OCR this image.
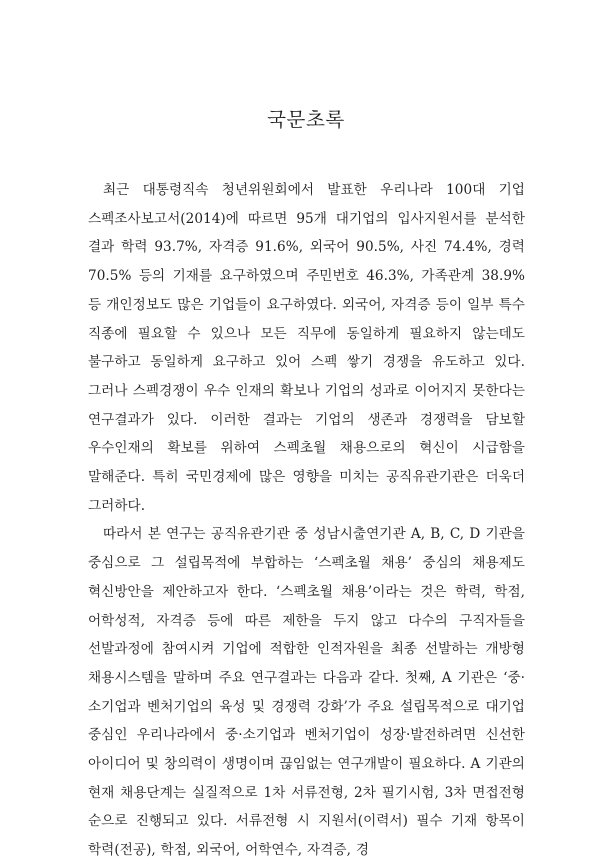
국문초록

최근 대통령직속 청년위원회에서 발표한 우리나라 100대 기업 스펙조사보고서(2014)에 따르면 95개 대기업의 입사지원서를 분석한 결과 학력 93.7%, 자격증 91.6%, 외국어 90.5%, 사진 74.4%, 경력 70.5% 등의 기재를 요구하였으며 주민번호 46.3%, 가족관계 38.9% 등 개인정보도 많은 기업들이 요구하였다. 외국어, 자격증 등이 일부 특수 직종에 필요할 수 있으나 모든 직무에 동일하게 필요하지 않는데도 불구하고 동일하게 요구하고 있어 스펙 쌓기 경쟁을 유도하고 있다. 그러나 스펙경쟁이 우수 인재의 확보나 기업의 성과로 이어지지 못한다는 연구결과가 있다. 이러한 결과는 기업의 생존과 경쟁력을 담보할 우수인재의 확보를 위하여 스펙초월 채용으로의 혁신이 시급함을 말해준다. 특히 국민경제에 많은 영향을 미치는 공직유관기관은 더욱더 그러하다.

따라서 본 연구는 공직유관기관 중 성남시출연기관 A, B, C, D 기관을 중심으로 그 설립목적에 부합하는 ‘스펙초월 채용’ 중심의 채용제도 혁신방안을 제안하고자 한다. ‘스펙초월 채용’이라는 것은 학력, 학점, 어학성적, 자격증 등에 따른 제한을 두지 않고 다수의 구직자들을 선발과정에 참여시켜 기업에 적합한 인적자원을 최종 선발하는 개방형 채용시스템을 말하며 주요 연구결과는 다음과 같다. 첫째, A 기관은 ‘중·소기업과 벤처기업의 육성 및 경쟁력 강화’가 주요 설립목적으로 대기업 중심인 우리나라에서 중·소기업과 벤처기업이 성장·발전하려면 신선한 아이디어 및 창의력이 생명이며 끊임없는 연구개발이 필요하다. A 기관의 현재 채용단계는 실질적으로 1차 서류전형, 2차 필기시험, 3차 면접전형 순으로 진행되고 있다. 서류전형 시 지원서(이력서) 필수 기재 항목이 학력(전공), 학점, 외국어, 어학연수, 자격증, 경
